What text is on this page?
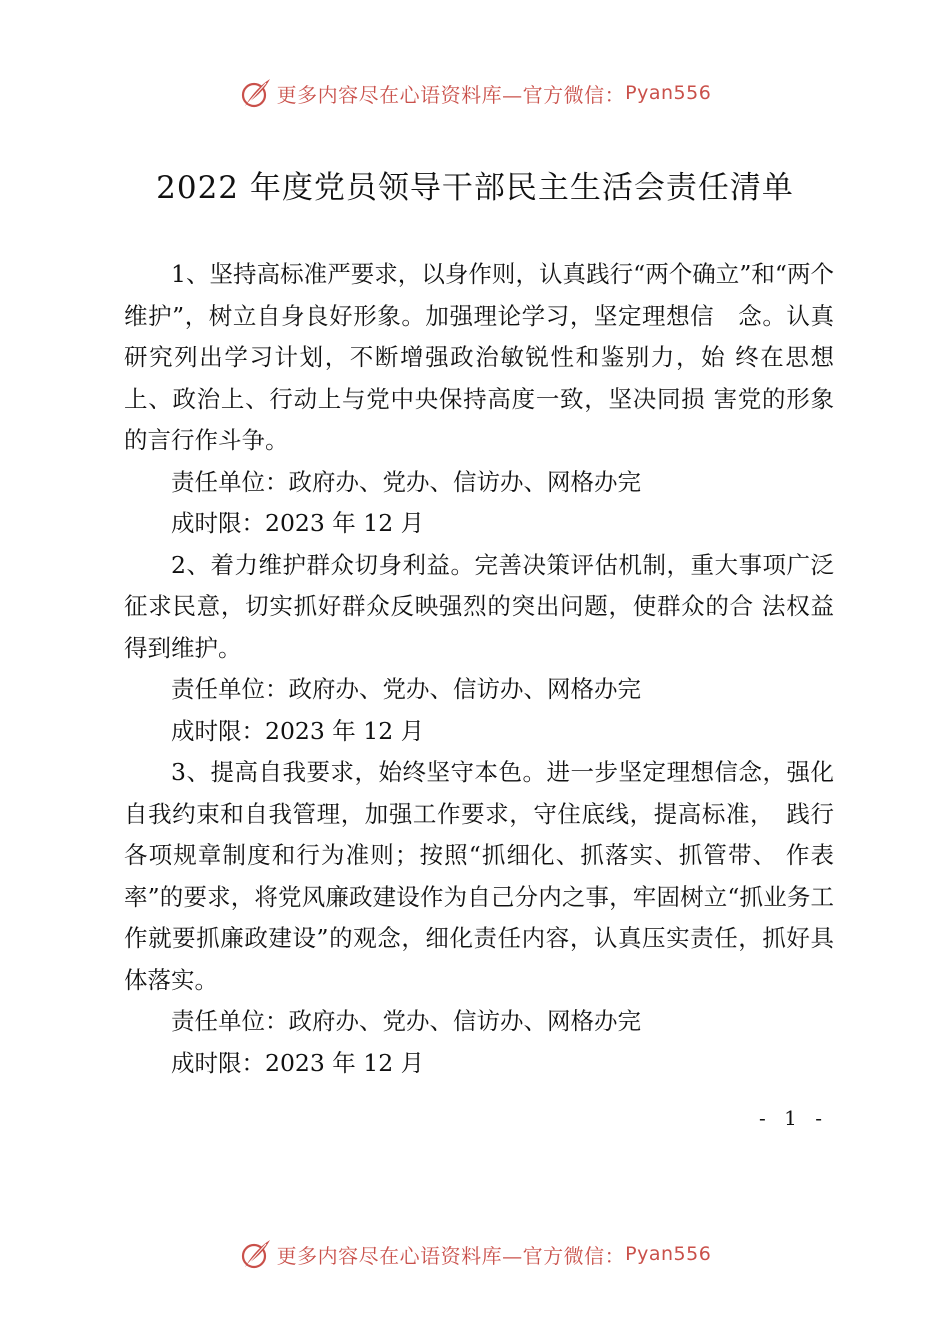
更多内容尽在心语资料库—官方微信： Pyan556
2022 年度党员领导干部民主生活会责任清单

1、坚持高标准严要求，以身作则，认真践行“两个确立”和“两个维护”，树立自身良好形象。加强理论学习，坚定理想信　念。认真研究列出学习计划，不断增强政治敏锐性和鉴别力，始 终在思想上、政治上、行动上与党中央保持高度一致，坚决同损 害党的形象的言行作斗争。

责任单位：政府办、党办、信访办、网格办完

成时限：2023 年 12 月

2、着力维护群众切身利益。完善决策评估机制，重大事项广泛征求民意，切实抓好群众反映强烈的突出问题，使群众的合 法权益得到维护。

责任单位：政府办、党办、信访办、网格办完

成时限：2023 年 12 月

3、提高自我要求，始终坚守本色。进一步坚定理想信念，强化自我约束和自我管理，加强工作要求，守住底线，提高标准，　践行各项规章制度和行为准则；按照“抓细化、抓落实、抓管带、 作表率”的要求，将党风廉政建设作为自己分内之事，牢固树立“抓业务工作就要抓廉政建设”的观念，细化责任内容，认真压实责任，抓好具体落实。

责任单位：政府办、党办、信访办、网格办完

成时限：2023 年 12 月

- 1 -
更多内容尽在心语资料库—官方微信： Pyan556
